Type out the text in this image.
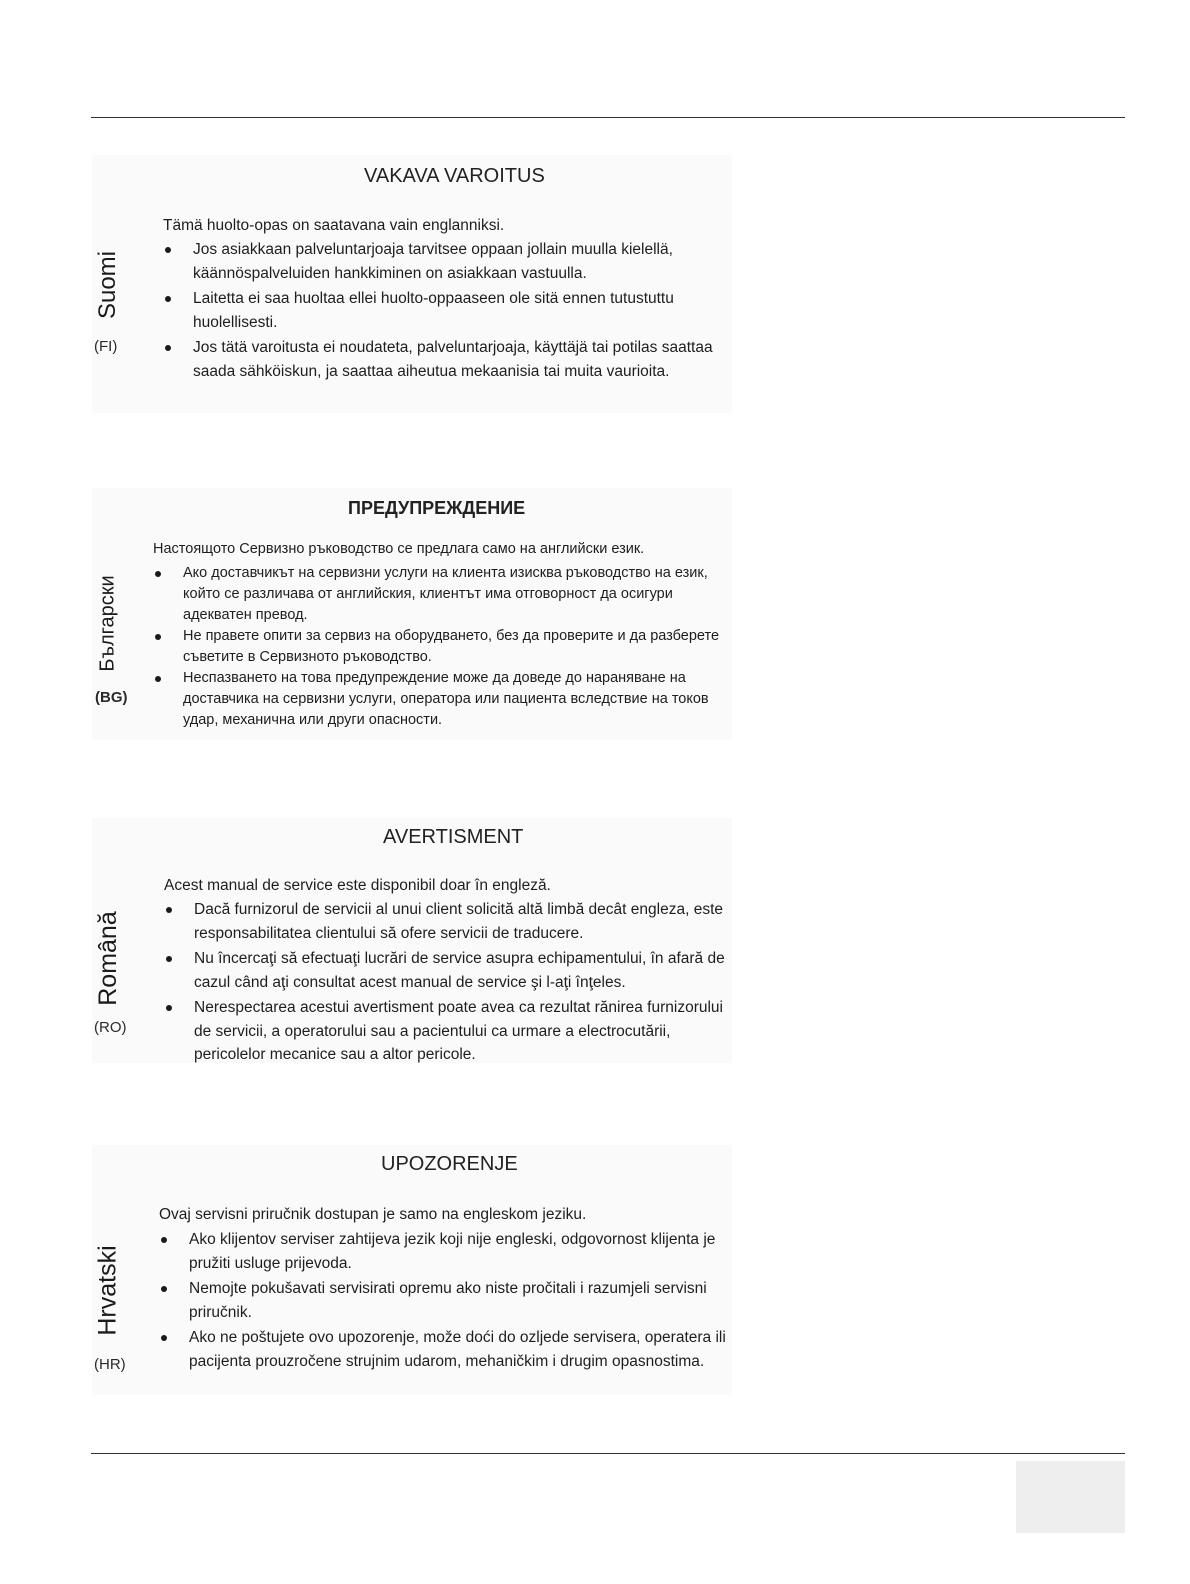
Suomi
(FI)
VAKAVA VAROITUS
Tämä huolto-opas on saatavana vain englanniksi.
Jos asiakkaan palveluntarjoaja tarvitsee oppaan jollain muulla kielellä, käännöspalveluiden hankkiminen on asiakkaan vastuulla.
Laitetta ei saa huoltaa ellei huolto-oppaaseen ole sitä ennen tutustuttu huolellisesti.
Jos tätä varoitusta ei noudateta, palveluntarjoaja, käyttäjä tai potilas saattaa saada sähköiskun, ja saattaa aiheutua mekaanisia tai muita vaurioita.
Български
(BG)
ПРЕДУПРЕЖДЕНИЕ
Настоящото Сервизно ръководство се предлага само на английски език.
Ако доставчикът на сервизни услуги на клиента изисква ръководство на език, който се различава от английския, клиентът има отговорност да осигури адекватен превод.
Не правете опити за сервиз на оборудването, без да проверите и да разберете съветите в Сервизното ръководство.
Неспазването на това предупреждение може да доведе до нараняване на доставчика на сервизни услуги, оператора или пациента вследствие на токов удар, механична или други опасности.
Română
(RO)
AVERTISMENT
Acest manual de service este disponibil doar în engleză.
Dacă furnizorul de servicii al unui client solicită altă limbă decât engleza, este responsabilitatea clientului să ofere servicii de traducere.
Nu încercaţi să efectuaţi lucrări de service asupra echipamentului, în afară de cazul când aţi consultat acest manual de service şi l-aţi înţeles.
Nerespectarea acestui avertisment poate avea ca rezultat rănirea furnizorului de servicii, a operatorului sau a pacientului ca urmare a electrocutării, pericolelor mecanice sau a altor pericole.
Hrvatski
(HR)
UPOZORENJE
Ovaj servisni priručnik dostupan je samo na engleskom jeziku.
Ako klijentov serviser zahtijeva jezik koji nije engleski, odgovornost klijenta je pružiti usluge prijevoda.
Nemojte pokušavati servisirati opremu ako niste pročitali i razumjeli servisni priručnik.
Ako ne poštujete ovo upozorenje, može doći do ozljede servisera, operatera ili pacijenta prouzročene strujnim udarom, mehaničkim i drugim opasnostima.
